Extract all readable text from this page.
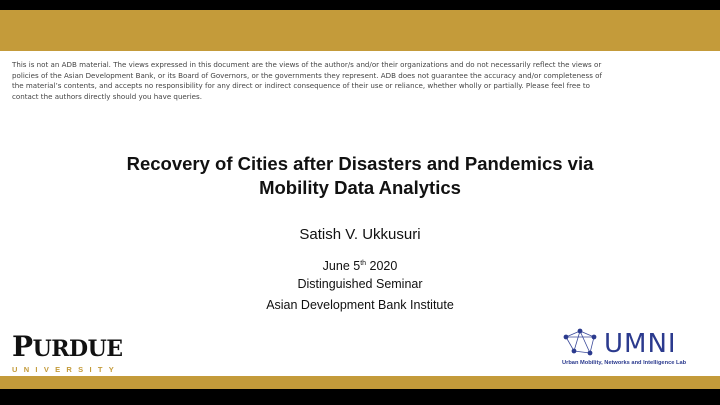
This is not an ADB material. The views expressed in this document are the views of the author/s and/or their organizations and do not necessarily reflect the views or
policies of the Asian Development Bank, or its Board of Governors, or the governments they represent. ADB does not guarantee the accuracy and/or completeness of
the material’s contents, and accepts no responsibility for any direct or indirect consequence of their use or reliance, whether wholly or partially. Please feel free to
contact the authors directly should you have queries.
Recovery of Cities after Disasters and Pandemics via
Mobility Data Analytics
Satish V. Ukkusuri
June 5th 2020
Distinguished Seminar
Asian Development Bank Institute
PURDUE
UNIVERSITY
UMNI
Urban Mobility, Networks and Intelligence Lab
